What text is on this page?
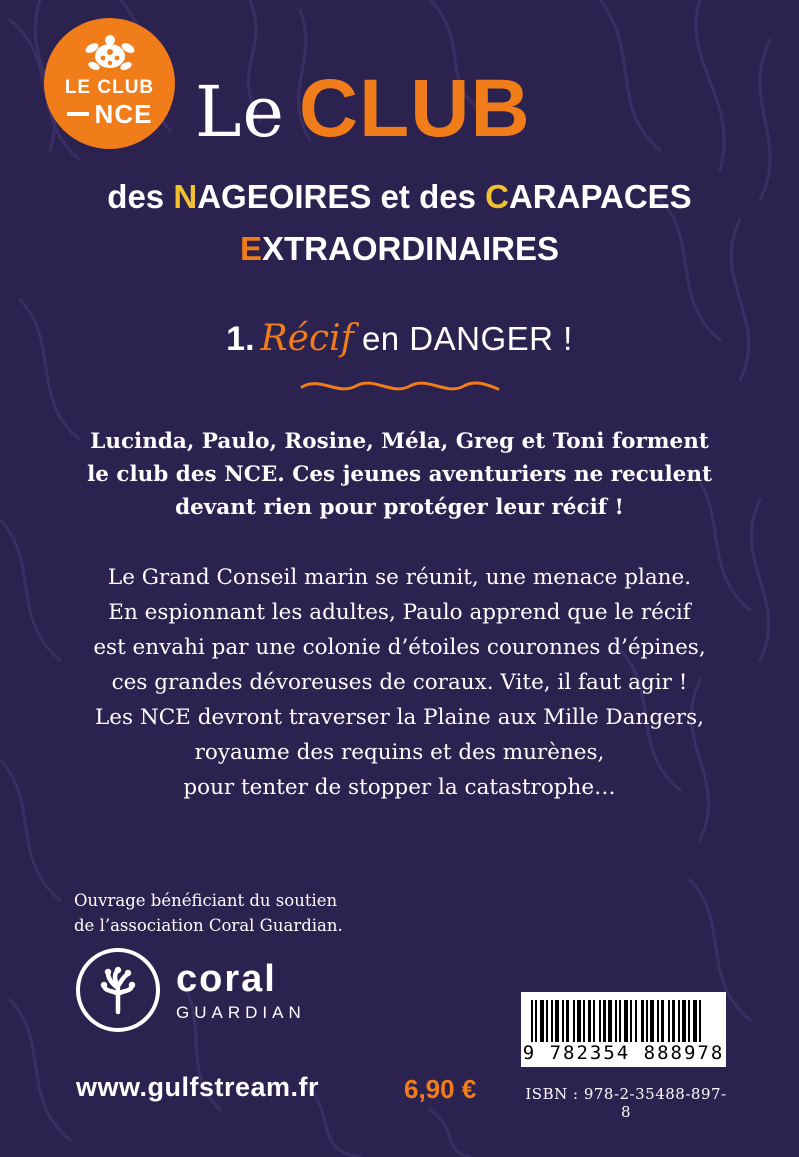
LE CLUB
NCE Le CLUB
des NAGEOIRES et des CARAPACES
EXTRAORDINAIRES
1. Récif en DANGER !
Lucinda, Paulo, Rosine, Méla, Greg et Toni forment
le club des NCE. Ces jeunes aventuriers ne reculent
devant rien pour protéger leur récif !
Le Grand Conseil marin se réunit, une menace plane.
En espionnant les adultes, Paulo apprend que le récif
est envahi par une colonie d’étoiles couronnes d’épines,
ces grandes dévoreuses de coraux. Vite, il faut agir !
Les NCE devront traverser la Plaine aux Mille Dangers,
royaume des requins et des murènes,
pour tenter de stopper la catastrophe…
Ouvrage bénéficiant du soutien
de l’association Coral Guardian.
coral
GUARDIAN
www.gulfstream.fr	6,90 €
9 782354 888978
ISBN : 978-2-35488-897-8
